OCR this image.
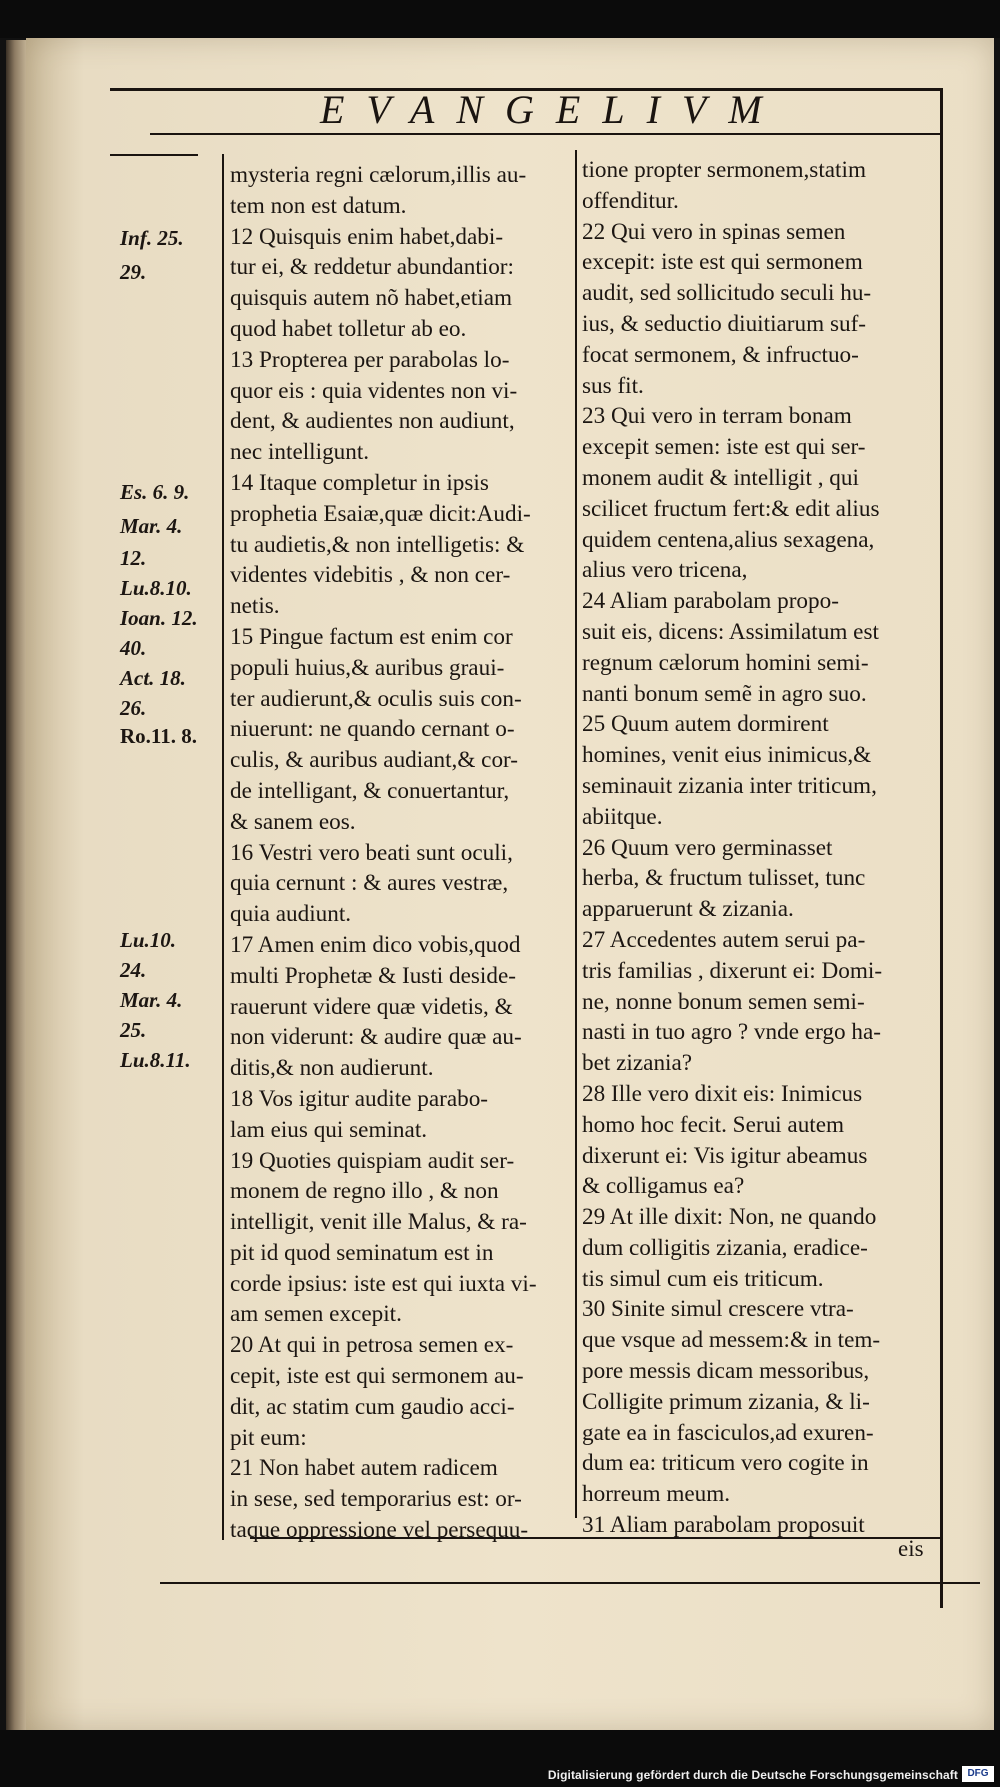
EVANGELIVM
Inf. 25.
29.
Es. 6. 9.
Mar. 4.
12.
Lu.8.10.
Ioan. 12.
40.
Act. 18.
26.
Ro.11. 8.
Lu.10.
24.
Mar. 4.
25.
Lu.8.11.
mysteria regni cælorum,illis au-
tem non est datum.
12 Quisquis enim habet,dabi-
tur ei, & reddetur abundantior:
quisquis autem nõ habet,etiam
quod habet tolletur ab eo.
13 Propterea per parabolas lo-
quor eis : quia videntes non vi-
dent, & audientes non audiunt,
nec intelligunt.
14 Itaque completur in ipsis
prophetia Esaiæ,quæ dicit:Audi-
tu audietis,& non intelligetis: &
videntes videbitis , & non cer-
netis.
15 Pingue factum est enim cor
populi huius,& auribus graui-
ter audierunt,& oculis suis con-
niuerunt: ne quando cernant o-
culis, & auribus audiant,& cor-
de intelligant, & conuertantur,
& sanem eos.
16 Vestri vero beati sunt oculi,
quia cernunt : & aures vestræ,
quia audiunt.
17 Amen enim dico vobis,quod
multi Prophetæ & Iusti deside-
rauerunt videre quæ videtis, &
non viderunt: & audire quæ au-
ditis,& non audierunt.
18 Vos igitur audite parabo-
lam eius qui seminat.
19 Quoties quispiam audit ser-
monem de regno illo , & non
intelligit, venit ille Malus, & ra-
pit id quod seminatum est in
corde ipsius: iste est qui iuxta vi-
am semen excepit.
20 At qui in petrosa semen ex-
cepit, iste est qui sermonem au-
dit, ac statim cum gaudio acci-
pit eum:
21 Non habet autem radicem
in sese, sed temporarius est: or-
taque oppressione vel persequu-
tione propter sermonem,statim
offenditur.
22 Qui vero in spinas semen
excepit: iste est qui sermonem
audit, sed sollicitudo seculi hu-
ius, & seductio diuitiarum suf-
focat sermonem, & infructuo-
sus fit.
23 Qui vero in terram bonam
excepit semen: iste est qui ser-
monem audit & intelligit , qui
scilicet fructum fert:& edit alius
quidem centena,alius sexagena,
alius vero tricena,
24 Aliam parabolam propo-
suit eis, dicens: Assimilatum est
regnum cælorum homini semi-
nanti bonum semẽ in agro suo.
25 Quum autem dormirent
homines, venit eius inimicus,&
seminauit zizania inter triticum,
abiitque.
26 Quum vero germinasset
herba, & fructum tulisset, tunc
apparuerunt & zizania.
27 Accedentes autem serui pa-
tris familias , dixerunt ei: Domi-
ne, nonne bonum semen semi-
nasti in tuo agro ? vnde ergo ha-
bet zizania?
28 Ille vero dixit eis: Inimicus
homo hoc fecit. Serui autem
dixerunt ei: Vis igitur abeamus
& colligamus ea?
29 At ille dixit: Non, ne quando
dum colligitis zizania, eradice-
tis simul cum eis triticum.
30 Sinite simul crescere vtra-
que vsque ad messem:& in tem-
pore messis dicam messoribus,
Colligite primum zizania, & li-
gate ea in fasciculos,ad exuren-
dum ea: triticum vero cogite in
horreum meum.
31 Aliam parabolam proposuit
eis
Digitalisierung gefördert durch die Deutsche Forschungsgemeinschaft DFG
